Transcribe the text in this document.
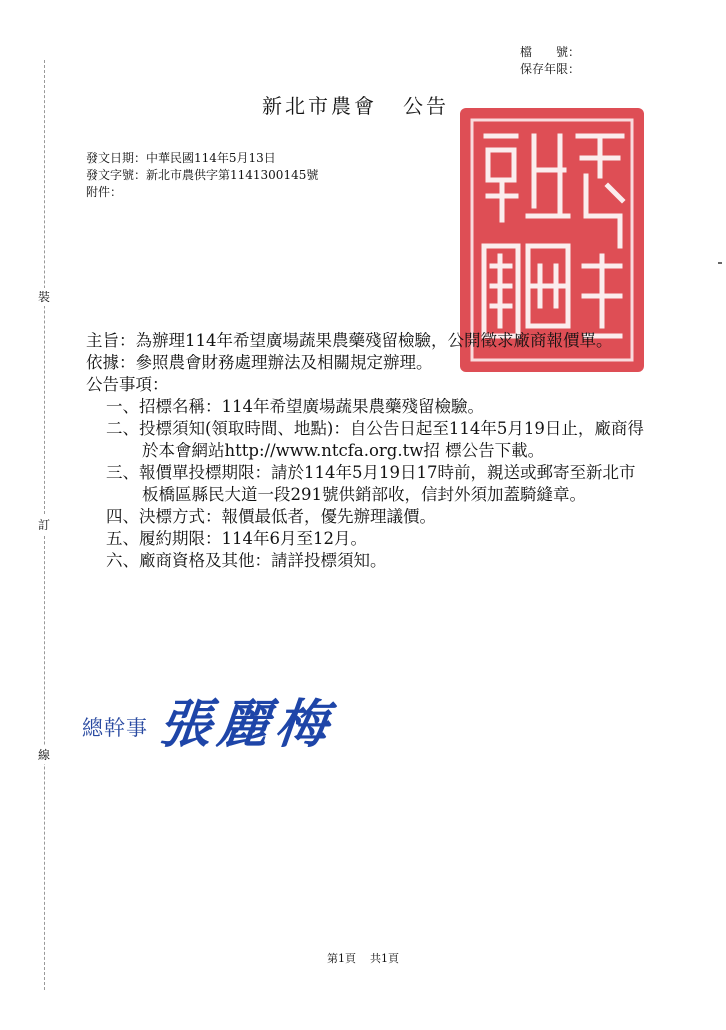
裝
訂
線
檔　　號：
保存年限：
新北市農會 公告
發文日期：中華民國114年5月13日
發文字號：新北市農供字第1141300145號
附件：
主旨：為辦理114年希望廣場蔬果農藥殘留檢驗，公開徵求廠商報價單。
依據：參照農會財務處理辦法及相關規定辦理。
公告事項：
一、招標名稱：114年希望廣場蔬果農藥殘留檢驗。
二、投標須知(領取時間、地點)：自公告日起至114年5月19日止，廠商得於本會網站http://www.ntcfa.org.tw招 標公告下載。
三、報價單投標期限：請於114年5月19日17時前，親送或郵寄至新北市板橋區縣民大道一段291號供銷部收，信封外須加蓋騎縫章。
四、決標方式：報價最低者，優先辦理議價。
五、履約期限：114年6月至12月。
六、廠商資格及其他：請詳投標須知。
總幹事 張麗梅
第1頁 共1頁
